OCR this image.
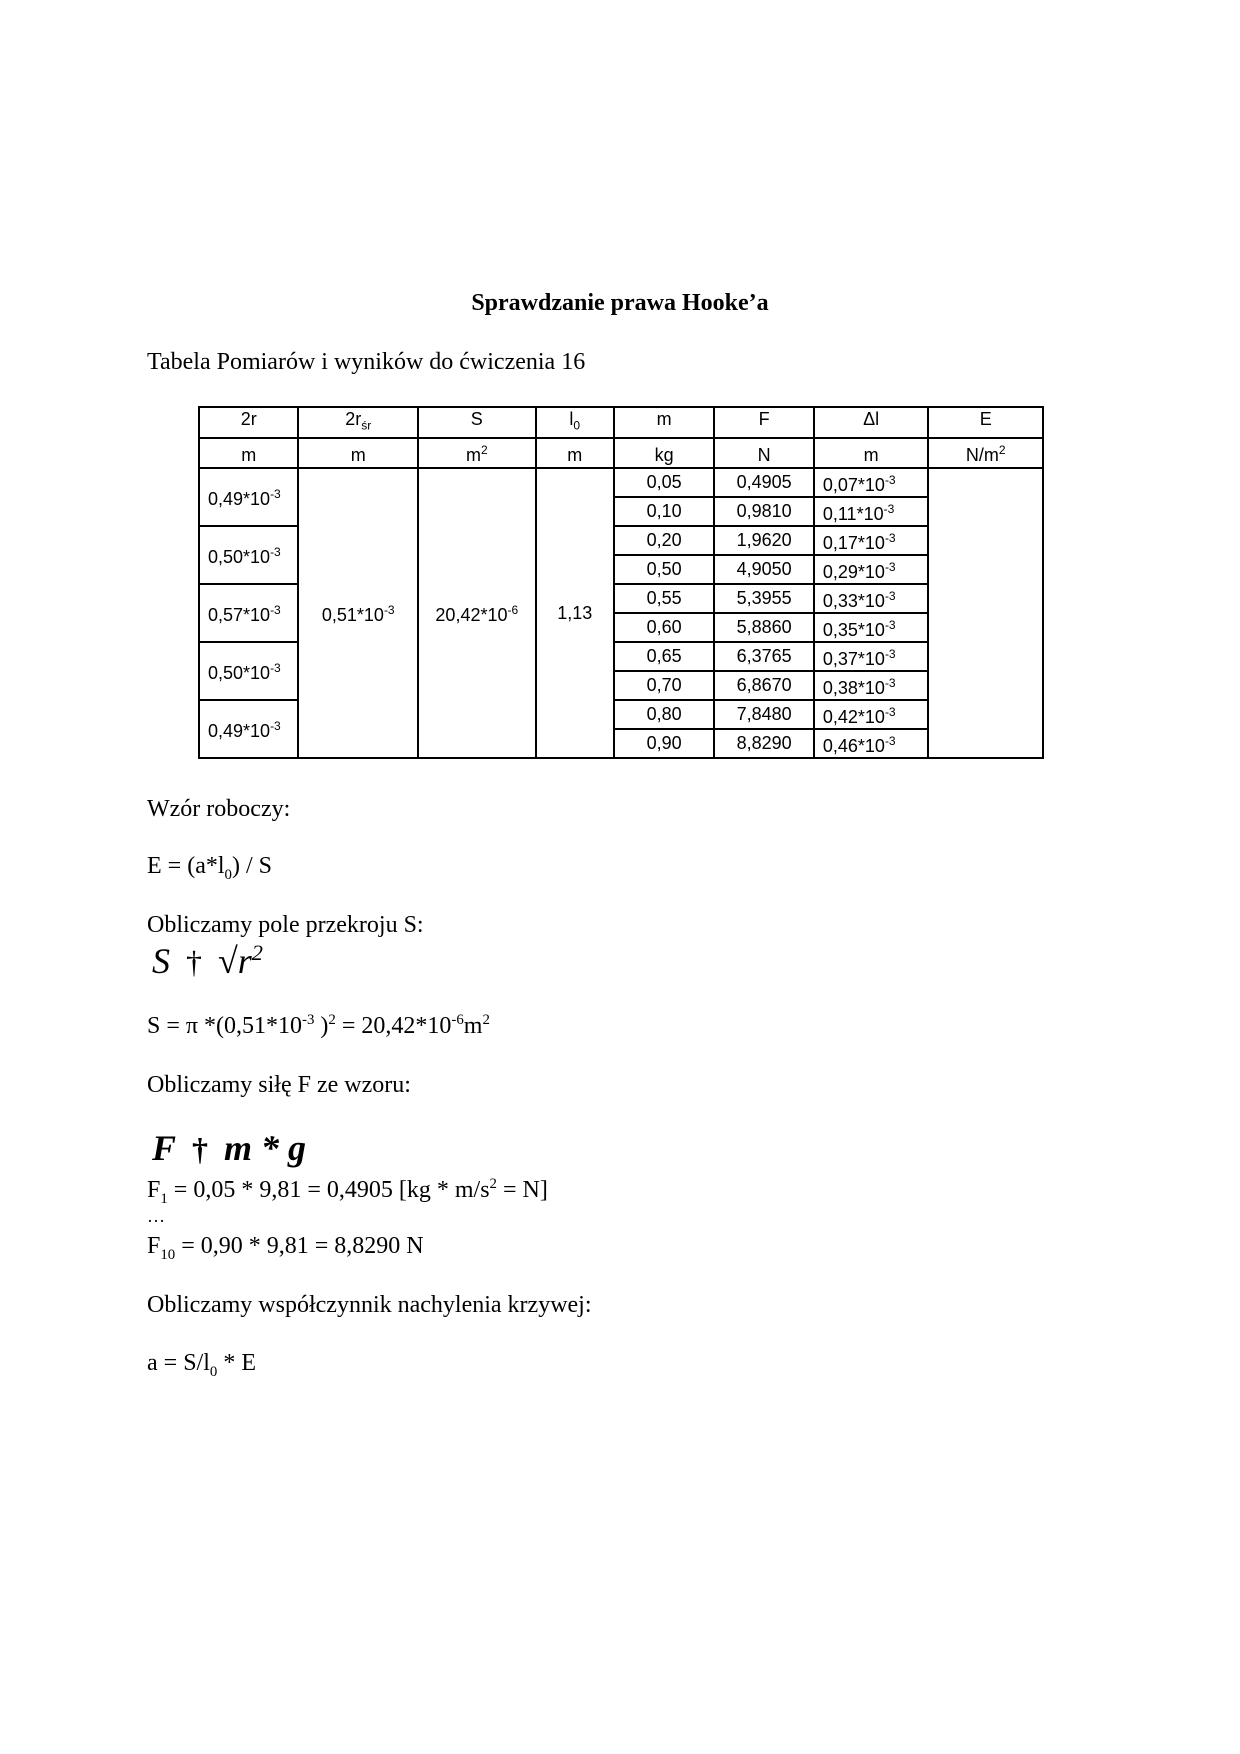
Sprawdzanie prawa Hooke’a
Tabela Pomiarów i wyników do ćwiczenia 16
2r	$2r_{śr}$	S	$l_0$	m	F	Δl	E
m	m	$m^2$	m	kg	N	m	$N/m^2$
$0,49*10^{-3}$	$0,51*10^{-3}$	$20,42*10^{-6}$	1,13	0,05	0,4905	$0,07*10^{-3}$	
				0,10	0,9810	$0,11*10^{-3}$
$0,50*10^{-3}$				0,20	1,9620	$0,17*10^{-3}$
				0,50	4,9050	$0,29*10^{-3}$
$0,57*10^{-3}$				0,55	5,3955	$0,33*10^{-3}$
				0,60	5,8860	$0,35*10^{-3}$
$0,50*10^{-3}$				0,65	6,3765	$0,37*10^{-3}$
				0,70	6,8670	$0,38*10^{-3}$
$0,49*10^{-3}$				0,80	7,8480	$0,42*10^{-3}$
				0,90	8,8290	$0,46*10^{-3}$
Wzór roboczy:
$E = (a*l_0) / S$
Obliczamy pole przekroju S:
S † $√r^2$
S = π $*(0,51*10^{-3}$ )$^2 = 20,42*10^{-6}m^2$
Obliczamy siłę F ze wzoru:
F † m * g
$F_1 = 0,05 * 9,81 = 0,4905$ $[kg * m/s^2 = N]$
…
$F_{10} = 0,90 * 9,81 = 8,8290$ N
Obliczamy współczynnik nachylenia krzywej:
$a = S/l_0 * E$
